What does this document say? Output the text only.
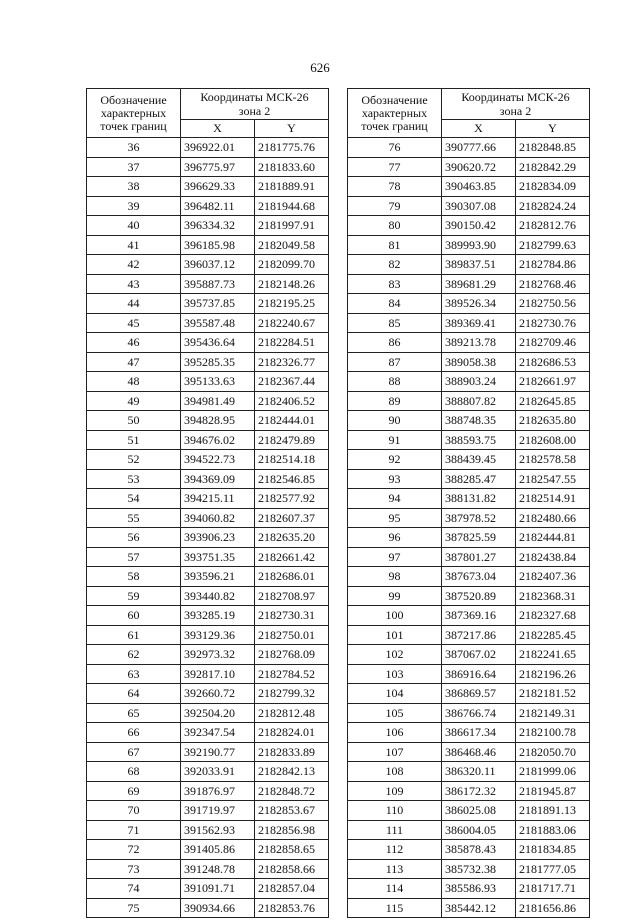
626
Обозначение
характерных
точек границ	Координаты МСК-26
зона 2	
	X	Y
36	396922.01	2181775.76
37	396775.97	2181833.60
38	396629.33	2181889.91
39	396482.11	2181944.68
40	396334.32	2181997.91
41	396185.98	2182049.58
42	396037.12	2182099.70
43	395887.73	2182148.26
44	395737.85	2182195.25
45	395587.48	2182240.67
46	395436.64	2182284.51
47	395285.35	2182326.77
48	395133.63	2182367.44
49	394981.49	2182406.52
50	394828.95	2182444.01
51	394676.02	2182479.89
52	394522.73	2182514.18
53	394369.09	2182546.85
54	394215.11	2182577.92
55	394060.82	2182607.37
56	393906.23	2182635.20
57	393751.35	2182661.42
58	393596.21	2182686.01
59	393440.82	2182708.97
60	393285.19	2182730.31
61	393129.36	2182750.01
62	392973.32	2182768.09
63	392817.10	2182784.52
64	392660.72	2182799.32
65	392504.20	2182812.48
66	392347.54	2182824.01
67	392190.77	2182833.89
68	392033.91	2182842.13
69	391876.97	2182848.72
70	391719.97	2182853.67
71	391562.93	2182856.98
72	391405.86	2182858.65
73	391248.78	2182858.66
74	391091.71	2182857.04
75	390934.66	2182853.76
Обозначение
характерных
точек границ	Координаты МСК-26
зона 2	
	X	Y
76	390777.66	2182848.85
77	390620.72	2182842.29
78	390463.85	2182834.09
79	390307.08	2182824.24
80	390150.42	2182812.76
81	389993.90	2182799.63
82	389837.51	2182784.86
83	389681.29	2182768.46
84	389526.34	2182750.56
85	389369.41	2182730.76
86	389213.78	2182709.46
87	389058.38	2182686.53
88	388903.24	2182661.97
89	388807.82	2182645.85
90	388748.35	2182635.80
91	388593.75	2182608.00
92	388439.45	2182578.58
93	388285.47	2182547.55
94	388131.82	2182514.91
95	387978.52	2182480.66
96	387825.59	2182444.81
97	387801.27	2182438.84
98	387673.04	2182407.36
99	387520.89	2182368.31
100	387369.16	2182327.68
101	387217.86	2182285.45
102	387067.02	2182241.65
103	386916.64	2182196.26
104	386869.57	2182181.52
105	386766.74	2182149.31
106	386617.34	2182100.78
107	386468.46	2182050.70
108	386320.11	2181999.06
109	386172.32	2181945.87
110	386025.08	2181891.13
111	386004.05	2181883.06
112	385878.43	2181834.85
113	385732.38	2181777.05
114	385586.93	2181717.71
115	385442.12	2181656.86
